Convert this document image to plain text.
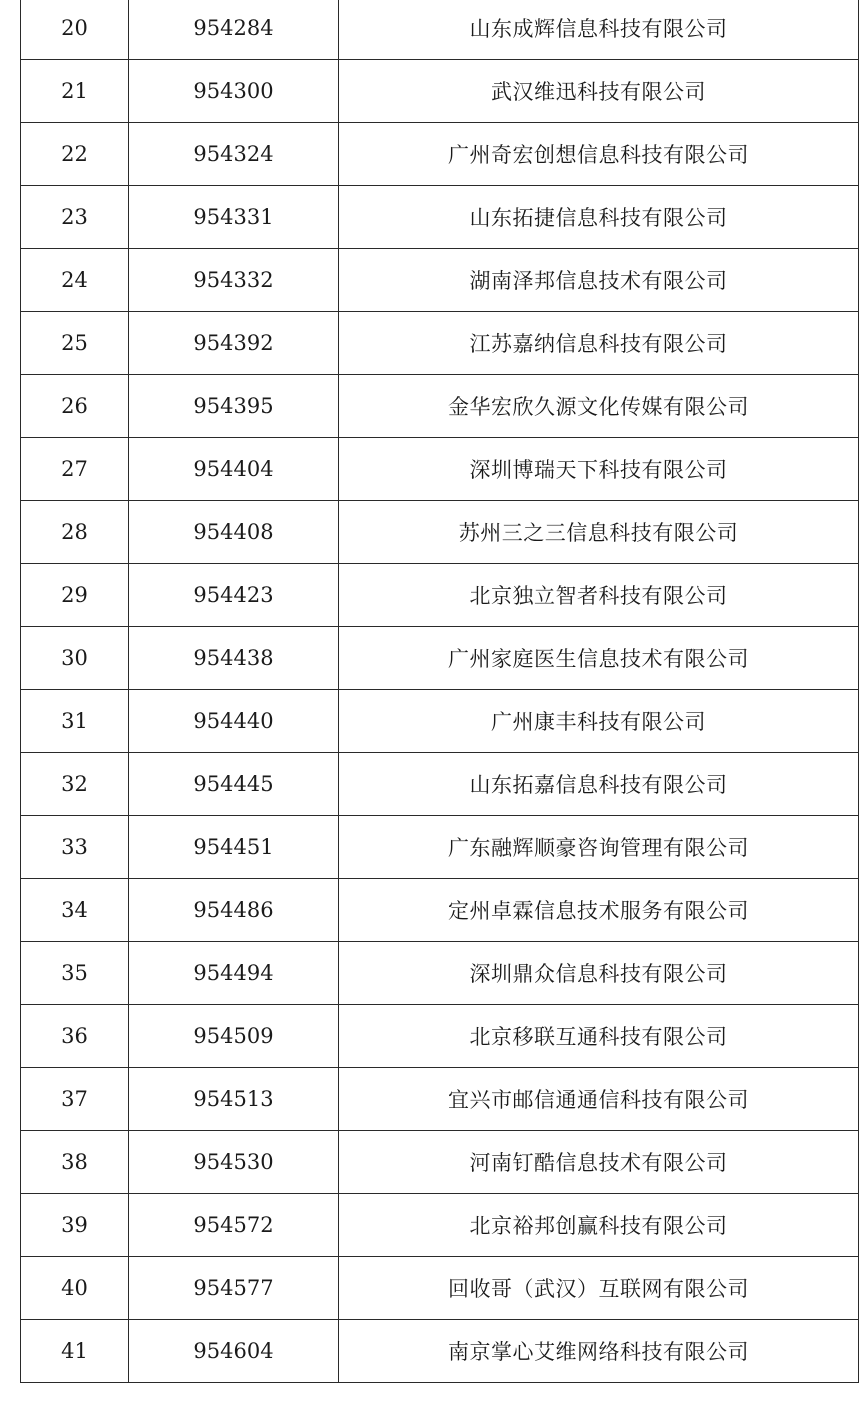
20	954284	山东成辉信息科技有限公司
21	954300	武汉维迅科技有限公司
22	954324	广州奇宏创想信息科技有限公司
23	954331	山东拓捷信息科技有限公司
24	954332	湖南泽邦信息技术有限公司
25	954392	江苏嘉纳信息科技有限公司
26	954395	金华宏欣久源文化传媒有限公司
27	954404	深圳博瑞天下科技有限公司
28	954408	苏州三之三信息科技有限公司
29	954423	北京独立智者科技有限公司
30	954438	广州家庭医生信息技术有限公司
31	954440	广州康丰科技有限公司
32	954445	山东拓嘉信息科技有限公司
33	954451	广东融辉顺豪咨询管理有限公司
34	954486	定州卓霖信息技术服务有限公司
35	954494	深圳鼎众信息科技有限公司
36	954509	北京移联互通科技有限公司
37	954513	宜兴市邮信通通信科技有限公司
38	954530	河南钉酷信息技术有限公司
39	954572	北京裕邦创赢科技有限公司
40	954577	回收哥（武汉）互联网有限公司
41	954604	南京掌心艾维网络科技有限公司
